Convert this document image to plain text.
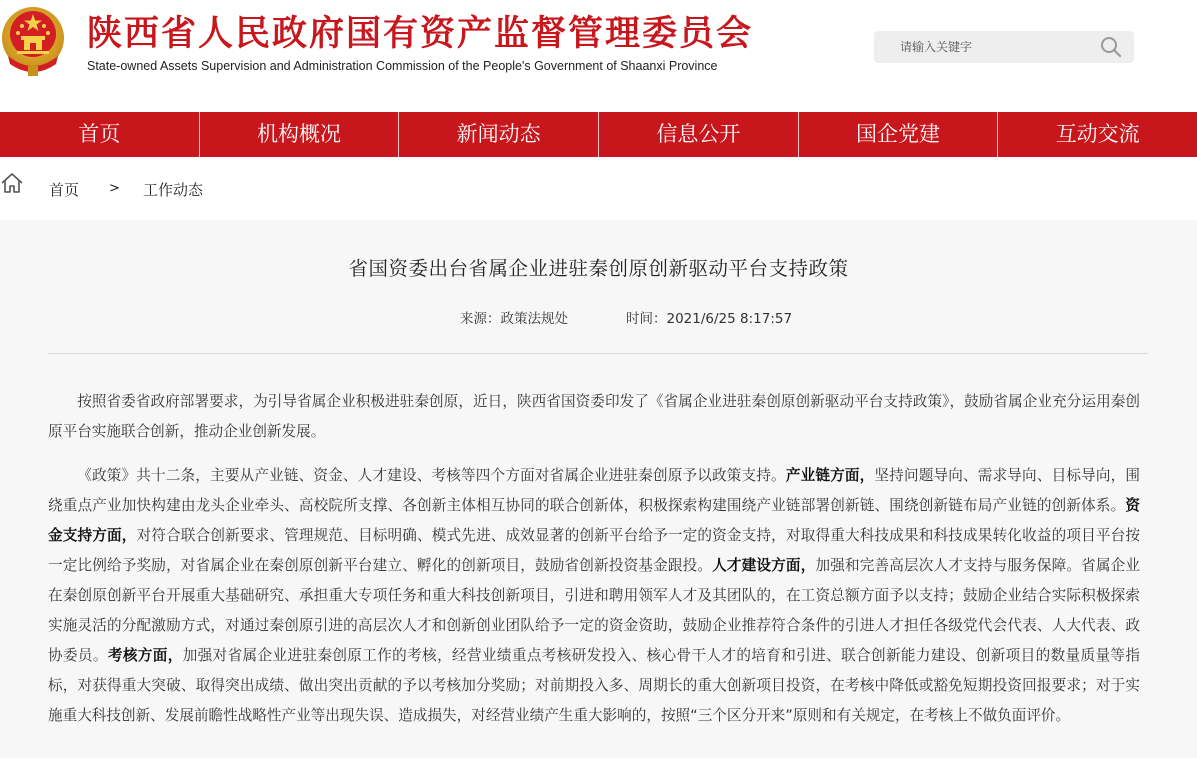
陕西省人民政府国有资产监督管理委员会
State-owned Assets Supervision and Administration Commission of the People's Government of Shaanxi Province
请输入关键字
首页	机构概况	新闻动态	信息公开	国企党建	互动交流
首页 > 工作动态
省国资委出台省属企业进驻秦创原创新驱动平台支持政策
来源：政策法规处	时间：2021/6/25 8:17:57

按照省委省政府部署要求，为引导省属企业积极进驻秦创原，近日，陕西省国资委印发了《省属企业进驻秦创原创新驱动平台支持政策》，鼓励省属企业充分运用秦创原平台实施联合创新，推动企业创新发展。

《政策》共十二条，主要从产业链、资金、人才建设、考核等四个方面对省属企业进驻秦创原予以政策支持。产业链方面，坚持问题导向、需求导向、目标导向，围绕重点产业加快构建由龙头企业牵头、高校院所支撑、各创新主体相互协同的联合创新体，积极探索构建围绕产业链部署创新链、围绕创新链布局产业链的创新体系。资金支持方面，对符合联合创新要求、管理规范、目标明确、模式先进、成效显著的创新平台给予一定的资金支持，对取得重大科技成果和科技成果转化收益的项目平台按一定比例给予奖励，对省属企业在秦创原创新平台建立、孵化的创新项目，鼓励省创新投资基金跟投。人才建设方面，加强和完善高层次人才支持与服务保障。省属企业在秦创原创新平台开展重大基础研究、承担重大专项任务和重大科技创新项目，引进和聘用领军人才及其团队的，在工资总额方面予以支持；鼓励企业结合实际积极探索实施灵活的分配激励方式，对通过秦创原引进的高层次人才和创新创业团队给予一定的资金资助，鼓励企业推荐符合条件的引进人才担任各级党代会代表、人大代表、政协委员。考核方面，加强对省属企业进驻秦创原工作的考核，经营业绩重点考核研发投入、核心骨干人才的培育和引进、联合创新能力建设、创新项目的数量质量等指标，对获得重大突破、取得突出成绩、做出突出贡献的予以考核加分奖励；对前期投入多、周期长的重大创新项目投资，在考核中降低或豁免短期投资回报要求；对于实施重大科技创新、发展前瞻性战略性产业等出现失误、造成损失，对经营业绩产生重大影响的，按照“三个区分开来”原则和有关规定，在考核上不做负面评价。
